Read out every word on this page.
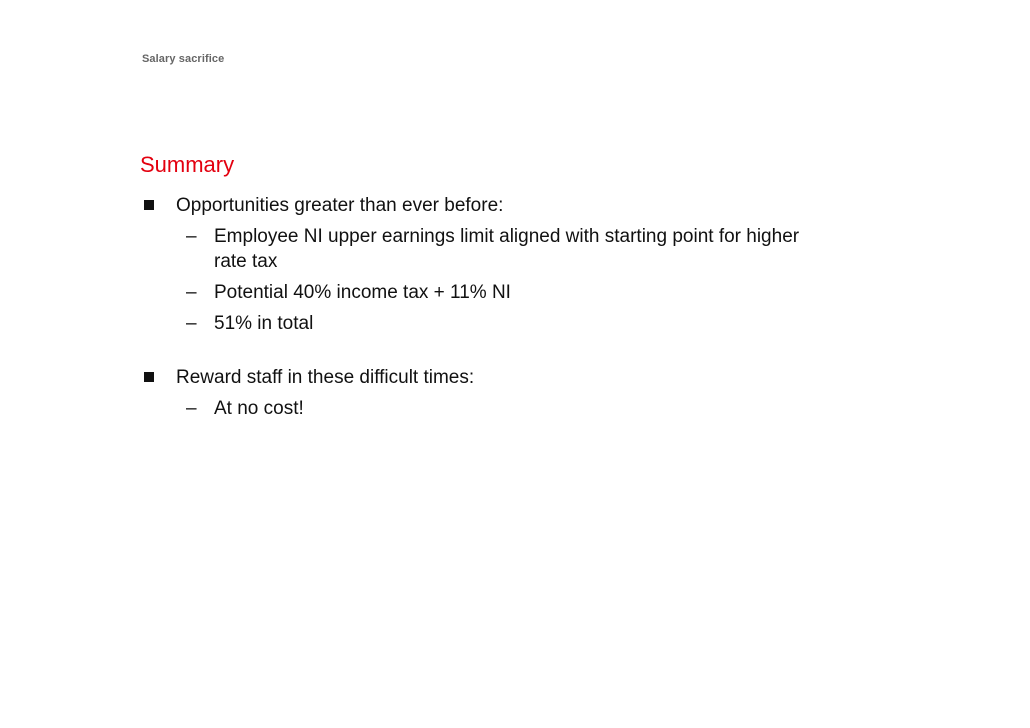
Salary sacrifice
Summary
Opportunities greater than ever before:
– Employee NI upper earnings limit aligned with starting point for higher rate tax
– Potential 40% income tax + 11% NI
– 51% in total
Reward staff in these difficult times:
– At no cost!
